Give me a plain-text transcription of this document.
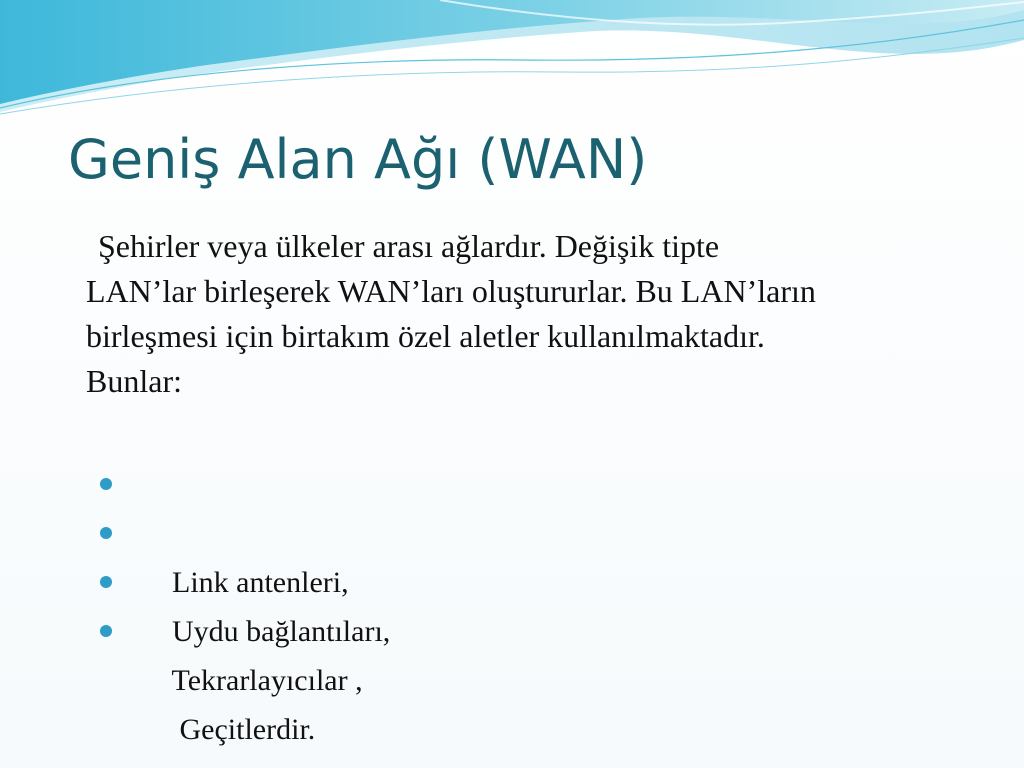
Geniş Alan Ağı (WAN)

Şehirler veya ülkeler arası ağlardır. Değişik tipte LAN’lar birleşerek WAN’ları oluştururlar. Bu LAN’ların birleşmesi için birtakım özel aletler kullanılmaktadır. Bunlar:

Link antenleri,

Uydu bağlantıları,

Tekrarlayıcılar ,

Geçitlerdir.
